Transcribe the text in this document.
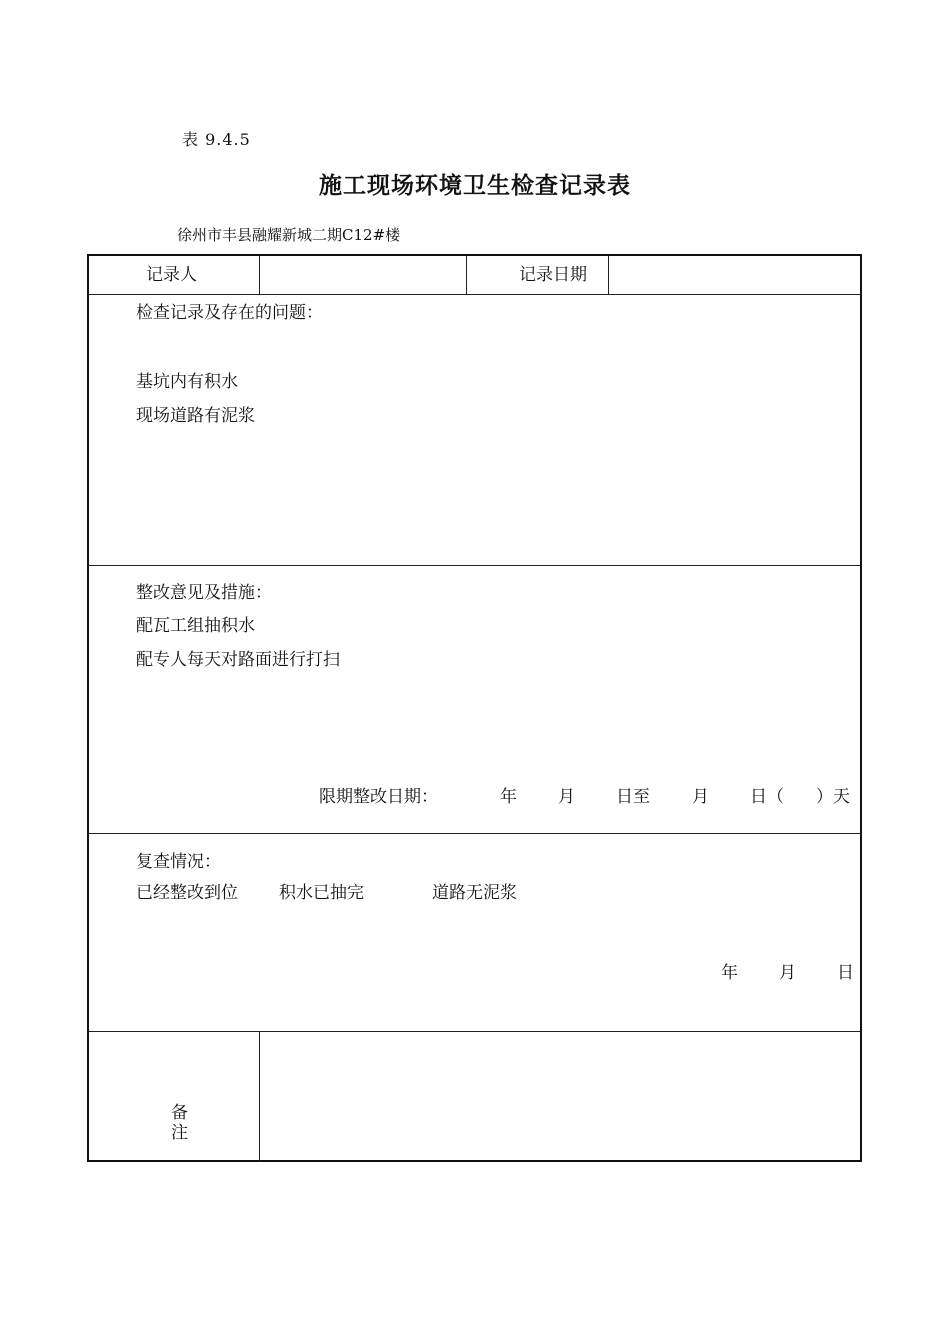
表 9.4.5
施工现场环境卫生检查记录表
徐州市丰县融耀新城二期C12#楼
记录人	记录日期
检查记录及存在的问题：
基坑内有积水
现场道路有泥浆
整改意见及措施：
配瓦工组抽积水
配专人每天对路面进行打扫
限期整改日期：	年 月 日至 月 日（ ）天
复查情况：
已经整改到位 积水已抽完	道路无泥浆
年 月 日
备
注
